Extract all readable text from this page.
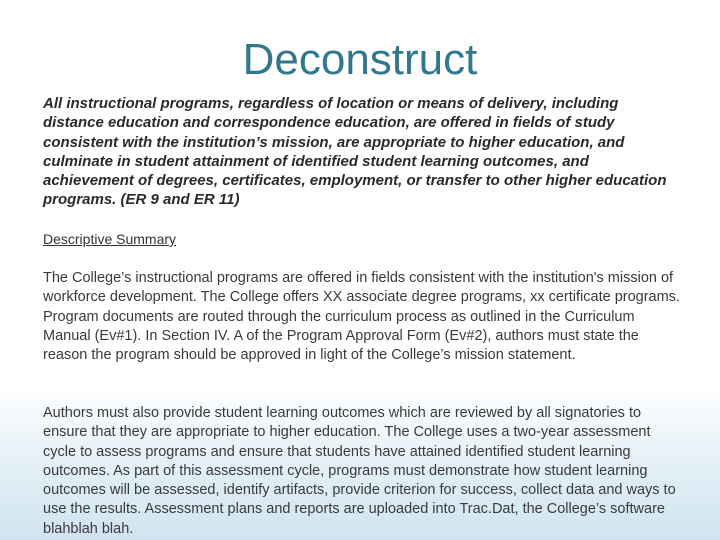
Deconstruct

All instructional programs, regardless of location or means of delivery, including distance education and correspondence education, are offered in fields of study consistent with the institution’s mission, are appropriate to higher education, and culminate in student attainment of identified student learning outcomes, and achievement of degrees, certificates, employment, or transfer to other higher education programs. (ER 9 and ER 11)

Descriptive Summary

The College’s instructional programs are offered in fields consistent with the institution's mission of workforce development. The College offers XX associate degree programs, xx certificate programs. Program documents are routed through the curriculum process as outlined in the Curriculum Manual (Ev#1). In Section IV. A of the Program Approval Form (Ev#2), authors must state the reason the program should be approved in light of the College’s mission statement.

Authors must also provide student learning outcomes which are reviewed by all signatories to ensure that they are appropriate to higher education. The College uses a two-year assessment cycle to assess programs and ensure that students have attained identified student learning outcomes. As part of this assessment cycle, programs must demonstrate how student learning outcomes will be assessed, identify artifacts, provide criterion for success, collect data and ways to use the results. Assessment plans and reports are uploaded into Trac.Dat, the College’s software blahblah blah.
